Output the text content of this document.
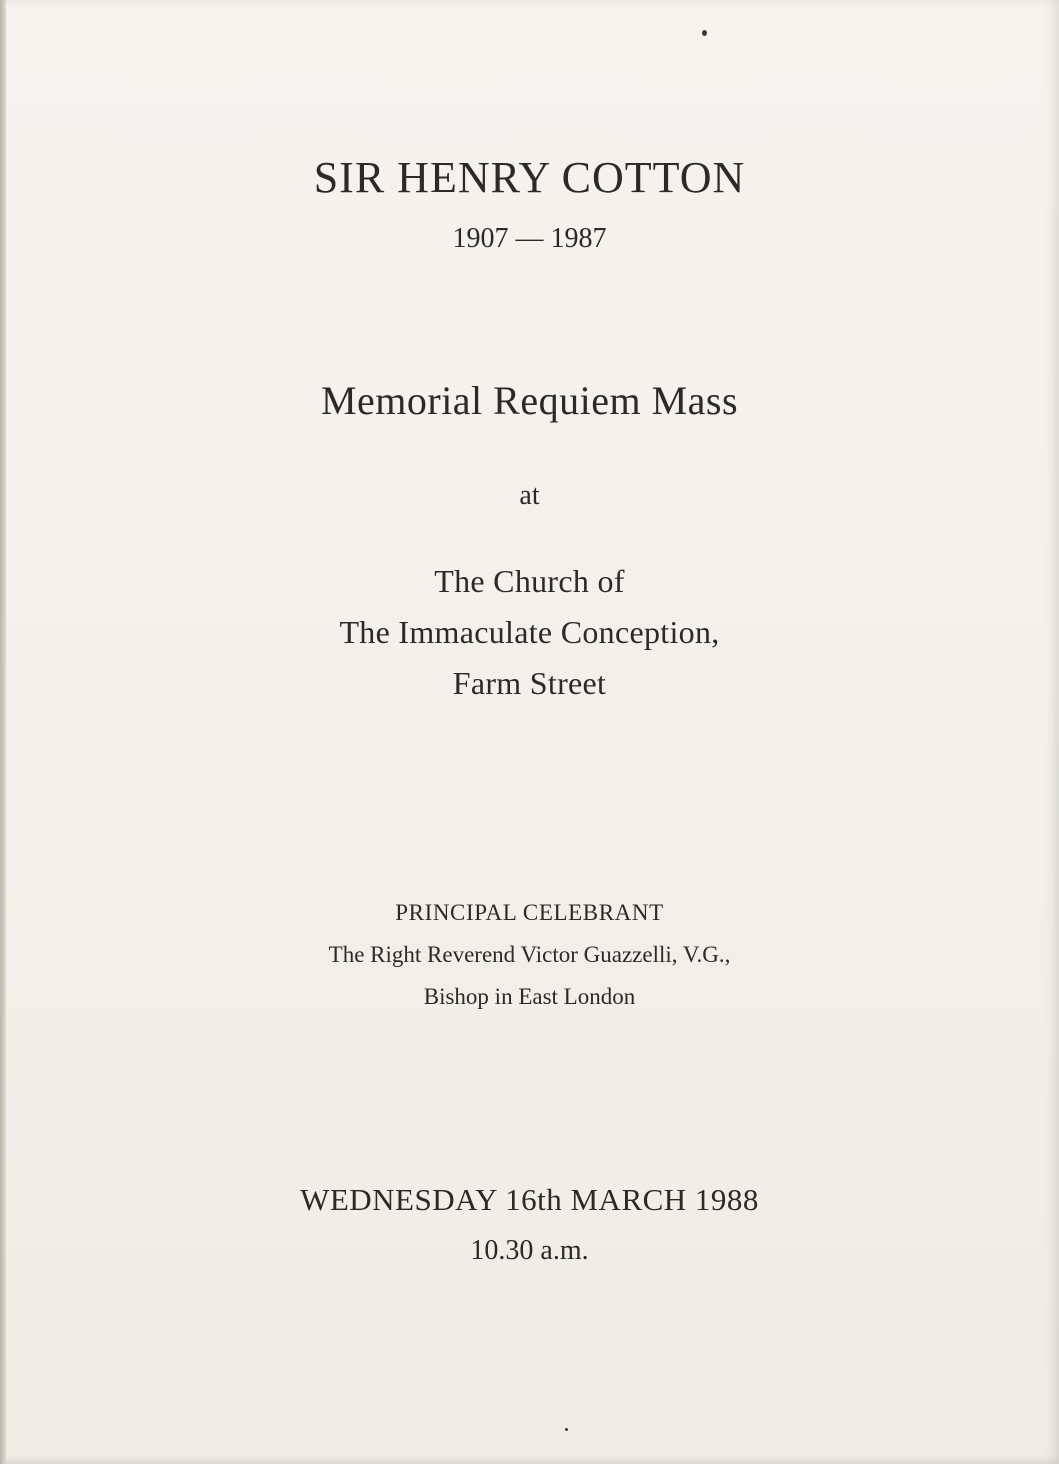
SIR HENRY COTTON
1907 — 1987
Memorial Requiem Mass
at
The Church of
The Immaculate Conception,
Farm Street
PRINCIPAL CELEBRANT
The Right Reverend Victor Guazzelli, V.G.,
Bishop in East London
WEDNESDAY 16th MARCH 1988
10.30 a.m.
